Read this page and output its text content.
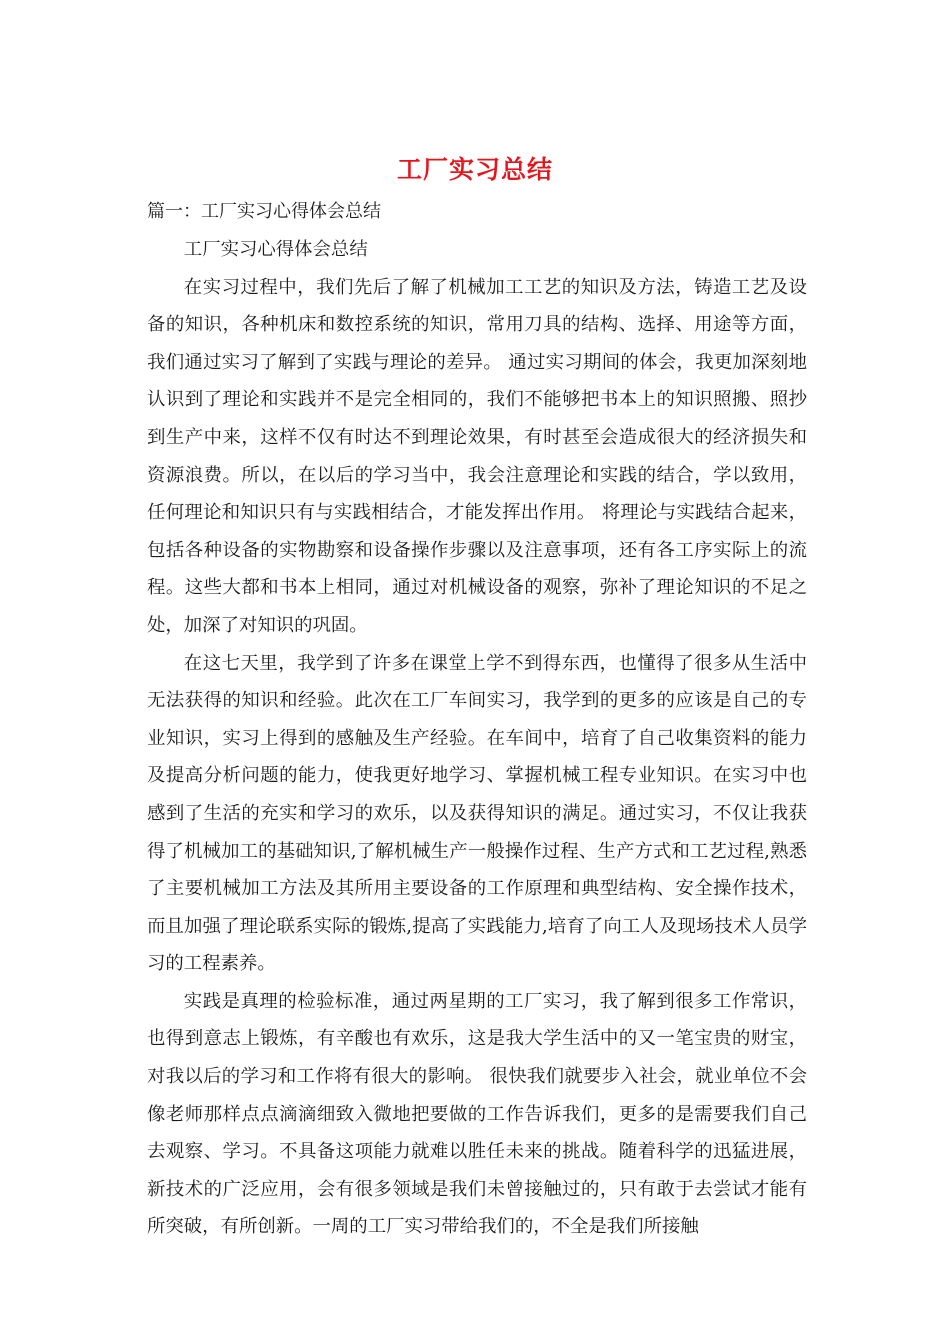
工厂实习总结
篇一：工厂实习心得体会总结

工厂实习心得体会总结

在实习过程中，我们先后了解了机械加工工艺的知识及方法，铸造工艺及设备的知识，各种机床和数控系统的知识，常用刀具的结构、选择、用途等方面，我们通过实习了解到了实践与理论的差异。 通过实习期间的体会，我更加深刻地认识到了理论和实践并不是完全相同的，我们不能够把书本上的知识照搬、照抄到生产中来，这样不仅有时达不到理论效果，有时甚至会造成很大的经济损失和资源浪费。所以，在以后的学习当中，我会注意理论和实践的结合，学以致用，任何理论和知识只有与实践相结合，才能发挥出作用。 将理论与实践结合起来，包括各种设备的实物勘察和设备操作步骤以及注意事项，还有各工序实际上的流程。这些大都和书本上相同，通过对机械设备的观察，弥补了理论知识的不足之处，加深了对知识的巩固。

在这七天里，我学到了许多在课堂上学不到得东西，也懂得了很多从生活中无法获得的知识和经验。此次在工厂车间实习，我学到的更多的应该是自己的专业知识，实习上得到的感触及生产经验。在车间中，培育了自己收集资料的能力及提高分析问题的能力，使我更好地学习、掌握机械工程专业知识。在实习中也感到了生活的充实和学习的欢乐，以及获得知识的满足。通过实习，不仅让我获得了机械加工的基础知识,了解机械生产一般操作过程、生产方式和工艺过程,熟悉了主要机械加工方法及其所用主要设备的工作原理和典型结构、安全操作技术，而且加强了理论联系实际的锻炼,提高了实践能力,培育了向工人及现场技术人员学习的工程素养。

实践是真理的检验标准，通过两星期的工厂实习，我了解到很多工作常识，也得到意志上锻炼，有辛酸也有欢乐，这是我大学生活中的又一笔宝贵的财宝，对我以后的学习和工作将有很大的影响。 很快我们就要步入社会，就业单位不会像老师那样点点滴滴细致入微地把要做的工作告诉我们，更多的是需要我们自己去观察、学习。不具备这项能力就难以胜任未来的挑战。随着科学的迅猛进展，新技术的广泛应用，会有很多领域是我们未曾接触过的，只有敢于去尝试才能有所突破，有所创新。一周的工厂实习带给我们的，不全是我们所接触
